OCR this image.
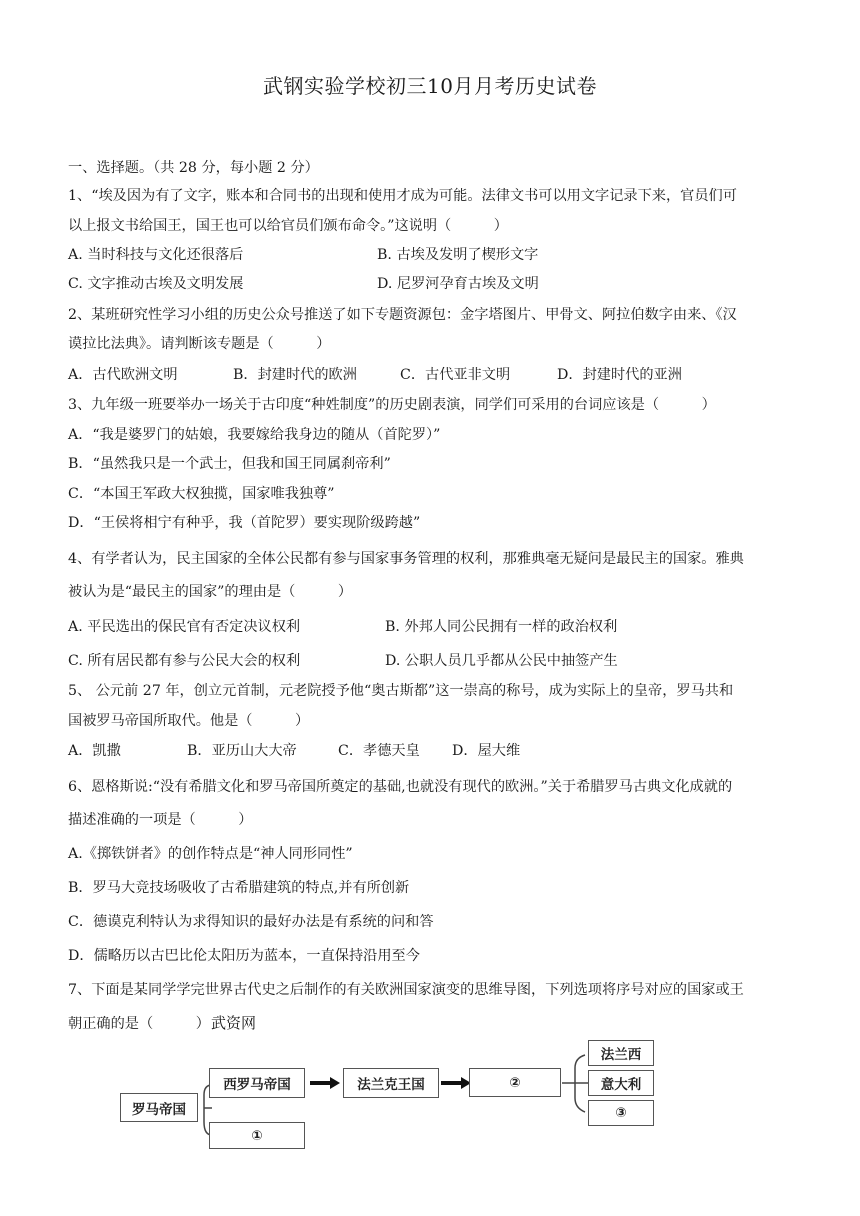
武钢实验学校初三10月月考历史试卷
一、选择题。（共 28 分，每小题 2 分）
1、“埃及因为有了文字，账本和合同书的出现和使用才成为可能。法律文书可以用文字记录下来，官员们可
以上报文书给国王，国王也可以给官员们颁布命令。”这说明（　　　）
A. 当时科技与文化还很落后	B. 古埃及发明了楔形文字
C. 文字推动古埃及文明发展	D. 尼罗河孕育古埃及文明
2、某班研究性学习小组的历史公众号推送了如下专题资源包：金字塔图片、甲骨文、阿拉伯数字由来、《汉
谟拉比法典》。请判断该专题是（　　　）
A．古代欧洲文明	B．封建时代的欧洲	C．古代亚非文明	D．封建时代的亚洲
3、九年级一班要举办一场关于古印度“种姓制度”的历史剧表演，同学们可采用的台词应该是（　　　）
A．“我是婆罗门的姑娘，我要嫁给我身边的随从（首陀罗）”
B．“虽然我只是一个武士，但我和国王同属刹帝利”
C．“本国王军政大权独揽，国家唯我独尊”
D．“王侯将相宁有种乎，我（首陀罗）要实现阶级跨越”
4、有学者认为，民主国家的全体公民都有参与国家事务管理的权利，那雅典毫无疑问是最民主的国家。雅典
被认为是“最民主的国家”的理由是（　　　）
A. 平民选出的保民官有否定决议权利	B. 外邦人同公民拥有一样的政治权利
C. 所有居民都有参与公民大会的权利	D. 公职人员几乎都从公民中抽签产生
5、 公元前 27 年，创立元首制，元老院授予他“奥古斯都”这一崇高的称号，成为实际上的皇帝，罗马共和
国被罗马帝国所取代。他是（　　　）
A．凯撒	B．亚历山大大帝	C．孝德天皇 D．屋大维
6、恩格斯说:“没有希腊文化和罗马帝国所奠定的基础,也就没有现代的欧洲。”关于希腊罗马古典文化成就的
描述准确的一项是（　　　）
A.《掷铁饼者》的创作特点是“神人同形同性”
B．罗马大竞技场吸收了古希腊建筑的特点,并有所创新
C．德谟克利特认为求得知识的最好办法是有系统的问和答
D．儒略历以古巴比伦太阳历为蓝本，一直保持沿用至今
7、下面是某同学学完世界古代史之后制作的有关欧洲国家演变的思维导图，下列选项将序号对应的国家或王
朝正确的是（　　　） 武资网
罗马帝国
西罗马帝国
①
法兰克王国	②
法兰西
意大利
③
